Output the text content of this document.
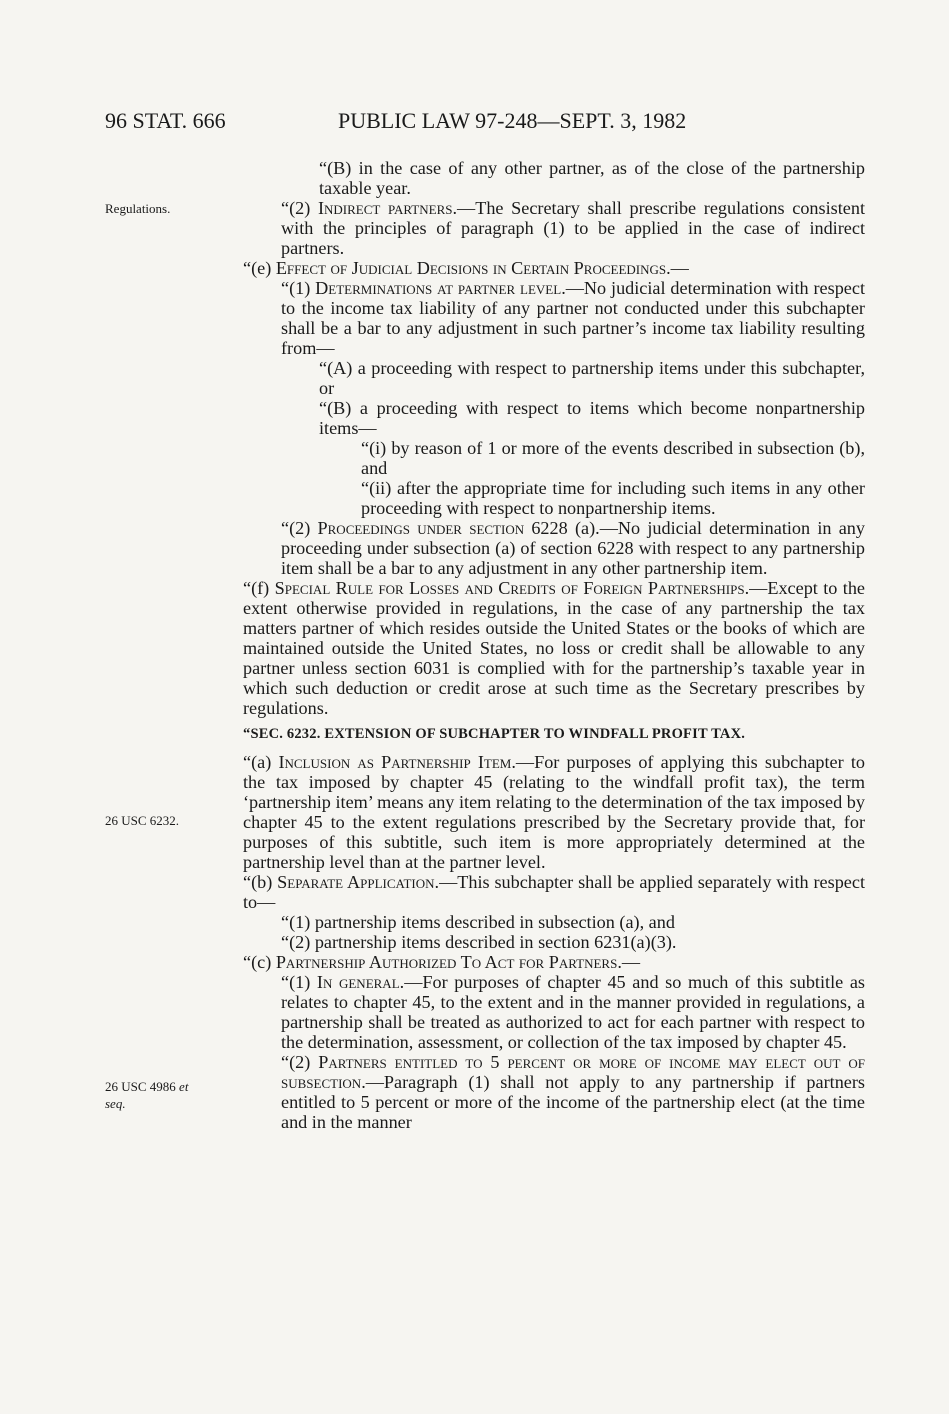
96 STAT. 666	PUBLIC LAW 97-248—SEPT. 3, 1982
Regulations.
26 USC 6232.
26 USC 4986 et
seq.

“(B) in the case of any other partner, as of the close of the partnership taxable year.

“(2) Indirect partners.—The Secretary shall prescribe regulations consistent with the principles of paragraph (1) to be applied in the case of indirect partners.

“(e) Effect of Judicial Decisions in Certain Proceedings.—

“(1) Determinations at partner level.—No judicial determination with respect to the income tax liability of any partner not conducted under this subchapter shall be a bar to any adjustment in such partner’s income tax liability resulting from—

“(A) a proceeding with respect to partnership items under this subchapter, or

“(B) a proceeding with respect to items which become nonpartnership items—

“(i) by reason of 1 or more of the events described in subsection (b), and

“(ii) after the appropriate time for including such items in any other proceeding with respect to nonpartnership items.

“(2) Proceedings under section 6228 (a).—No judicial determination in any proceeding under subsection (a) of section 6228 with respect to any partnership item shall be a bar to any adjustment in any other partnership item.

“(f) Special Rule for Losses and Credits of Foreign Partnerships.—Except to the extent otherwise provided in regulations, in the case of any partnership the tax matters partner of which resides outside the United States or the books of which are maintained outside the United States, no loss or credit shall be allowable to any partner unless section 6031 is complied with for the partnership’s taxable year in which such deduction or credit arose at such time as the Secretary prescribes by regulations.

“SEC. 6232. EXTENSION OF SUBCHAPTER TO WINDFALL PROFIT TAX.

“(a) Inclusion as Partnership Item.—For purposes of applying this subchapter to the tax imposed by chapter 45 (relating to the windfall profit tax), the term ‘partnership item’ means any item relating to the determination of the tax imposed by chapter 45 to the extent regulations prescribed by the Secretary provide that, for purposes of this subtitle, such item is more appropriately determined at the partnership level than at the partner level.

“(b) Separate Application.—This subchapter shall be applied separately with respect to—

“(1) partnership items described in subsection (a), and

“(2) partnership items described in section 6231(a)(3).

“(c) Partnership Authorized To Act for Partners.—

“(1) In general.—For purposes of chapter 45 and so much of this subtitle as relates to chapter 45, to the extent and in the manner provided in regulations, a partnership shall be treated as authorized to act for each partner with respect to the determination, assessment, or collection of the tax imposed by chapter 45.

“(2) Partners entitled to 5 percent or more of income may elect out of subsection.—Paragraph (1) shall not apply to any partnership if partners entitled to 5 percent or more of the income of the partnership elect (at the time and in the manner
